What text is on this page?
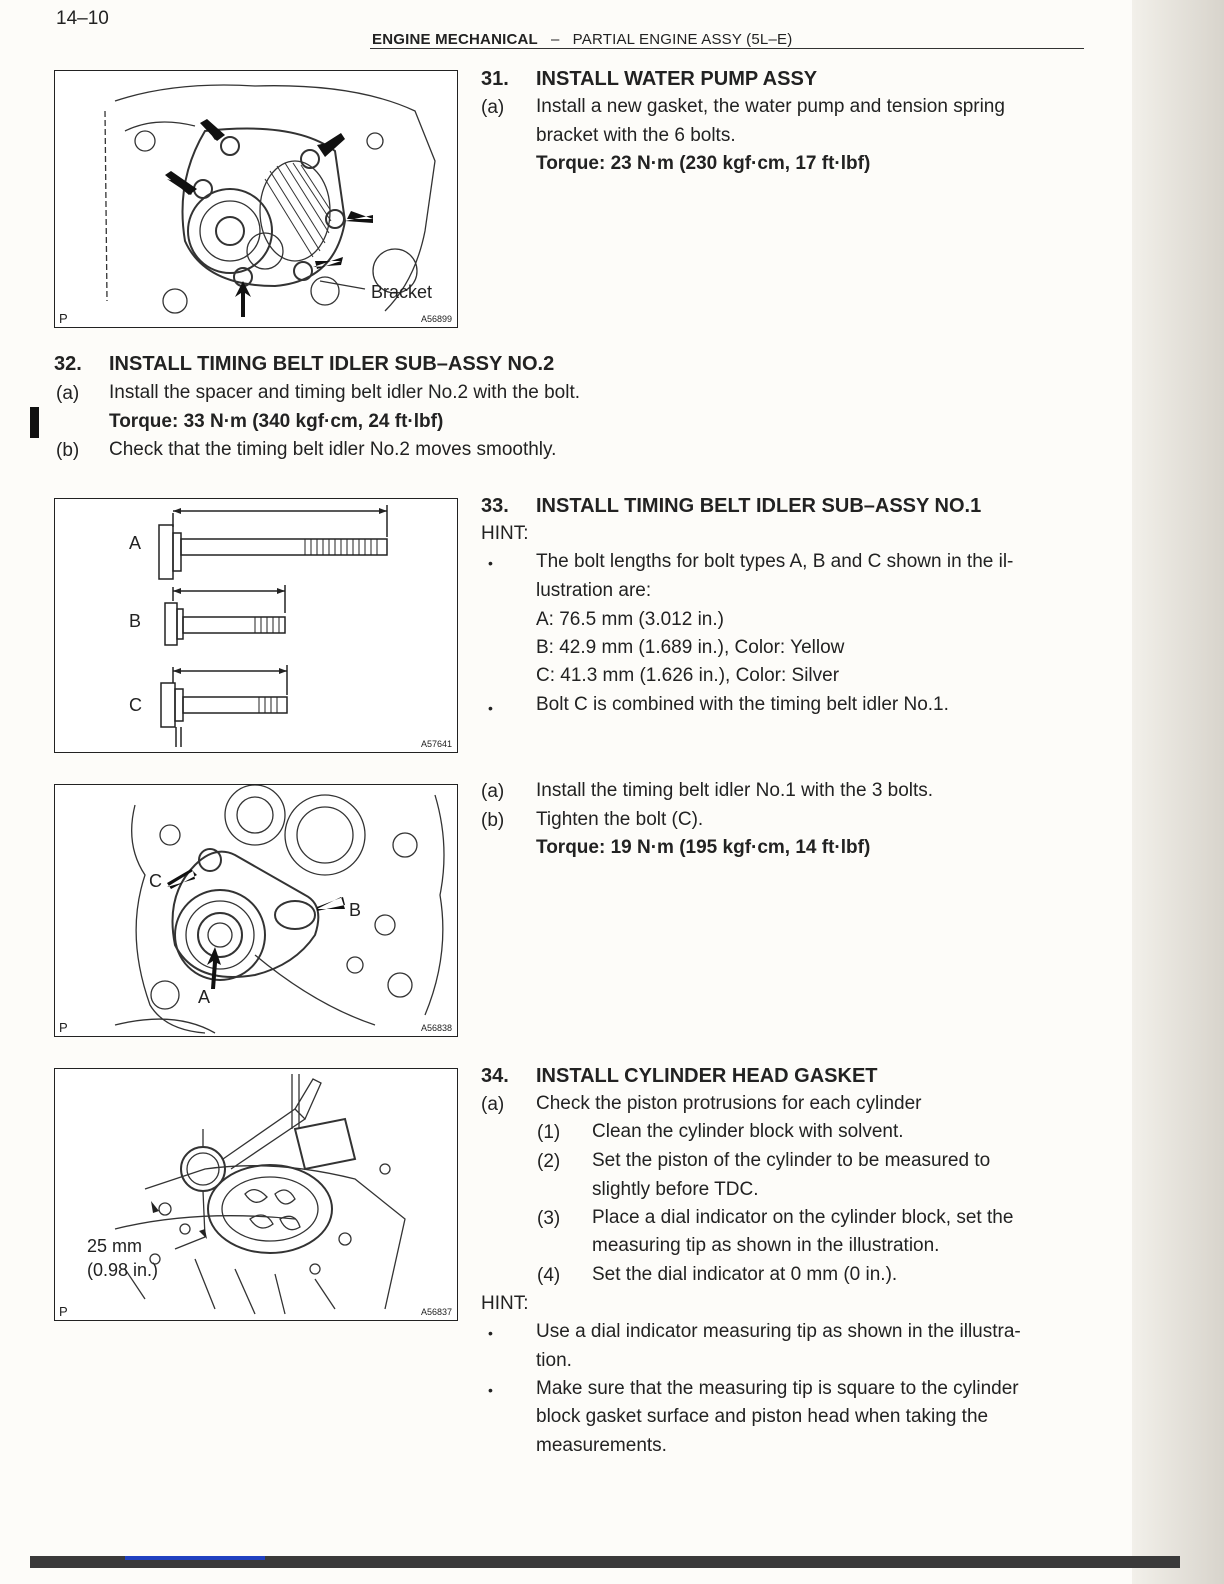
14–10
ENGINE MECHANICAL – PARTIAL ENGINE ASSY (5L–E)
Bracket
P	A56899
31. INSTALL WATER PUMP ASSY
(a) Install a new gasket, the water pump and tension spring
bracket with the 6 bolts.
Torque: 23 N·m (230 kgf·cm, 17 ft·lbf)
32. INSTALL TIMING BELT IDLER SUB–ASSY NO.2
(a) Install the spacer and timing belt idler No.2 with the bolt.
Torque: 33 N·m (340 kgf·cm, 24 ft·lbf)
(b) Check that the timing belt idler No.2 moves smoothly.
A
B
C
A57641
33. INSTALL TIMING BELT IDLER SUB–ASSY NO.1
HINT:
• The bolt lengths for bolt types A, B and C shown in the il-
lustration are:
A: 76.5 mm (3.012 in.)
B: 42.9 mm (1.689 in.), Color: Yellow
C: 41.3 mm (1.626 in.), Color: Silver
• Bolt C is combined with the timing belt idler No.1.
C
B
A
P	A56838
(a) Install the timing belt idler No.1 with the 3 bolts.
(b) Tighten the bolt (C).
Torque: 19 N·m (195 kgf·cm, 14 ft·lbf)
25 mm
(0.98 in.)
P	A56837
34. INSTALL CYLINDER HEAD GASKET
(a) Check the piston protrusions for each cylinder
(1) Clean the cylinder block with solvent.
(2) Set the piston of the cylinder to be measured to
slightly before TDC.
(3) Place a dial indicator on the cylinder block, set the
measuring tip as shown in the illustration.
(4) Set the dial indicator at 0 mm (0 in.).
HINT:
• Use a dial indicator measuring tip as shown in the illustra-
tion.
• Make sure that the measuring tip is square to the cylinder
block gasket surface and piston head when taking the
measurements.
